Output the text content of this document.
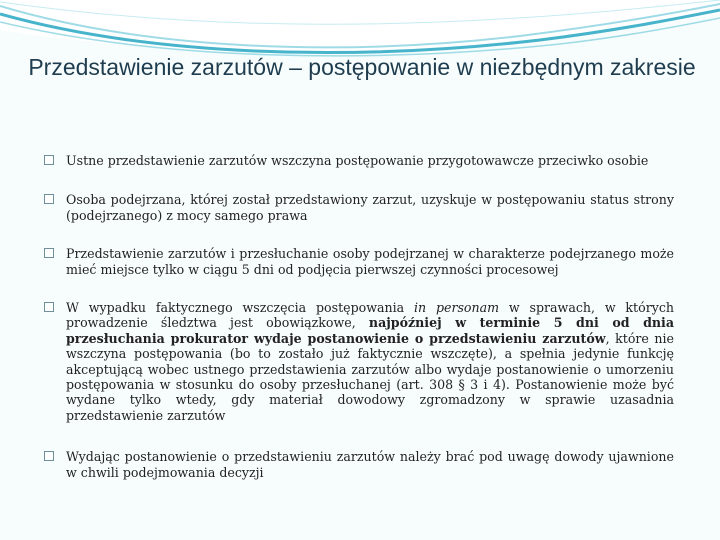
Przedstawienie zarzutów – postępowanie w niezbędnym zakresie
Ustne przedstawienie zarzutów wszczyna postępowanie przygotowawcze przeciwko osobie
Osoba podejrzana, której został przedstawiony zarzut, uzyskuje w postępowaniu status strony (podejrzanego) z mocy samego prawa
Przedstawienie zarzutów i przesłuchanie osoby podejrzanej w charakterze podejrzanego może mieć miejsce tylko w ciągu 5 dni od podjęcia pierwszej czynności procesowej
W wypadku faktycznego wszczęcia postępowania in personam w sprawach, w których prowadzenie śledztwa jest obowiązkowe, najpóźniej w terminie 5 dni od dnia przesłuchania prokurator wydaje postanowienie o przedstawieniu zarzutów, które nie wszczyna postępowania (bo to zostało już faktycznie wszczęte), a spełnia jedynie funkcję akceptującą wobec ustnego przedstawienia zarzutów albo wydaje postanowienie o umorzeniu postępowania w stosunku do osoby przesłuchanej (art. 308 § 3 i 4). Postanowienie może być wydane tylko wtedy, gdy materiał dowodowy zgromadzony w sprawie uzasadnia przedstawienie zarzutów
Wydając postanowienie o przedstawieniu zarzutów należy brać pod uwagę dowody ujawnione w chwili podejmowania decyzji
